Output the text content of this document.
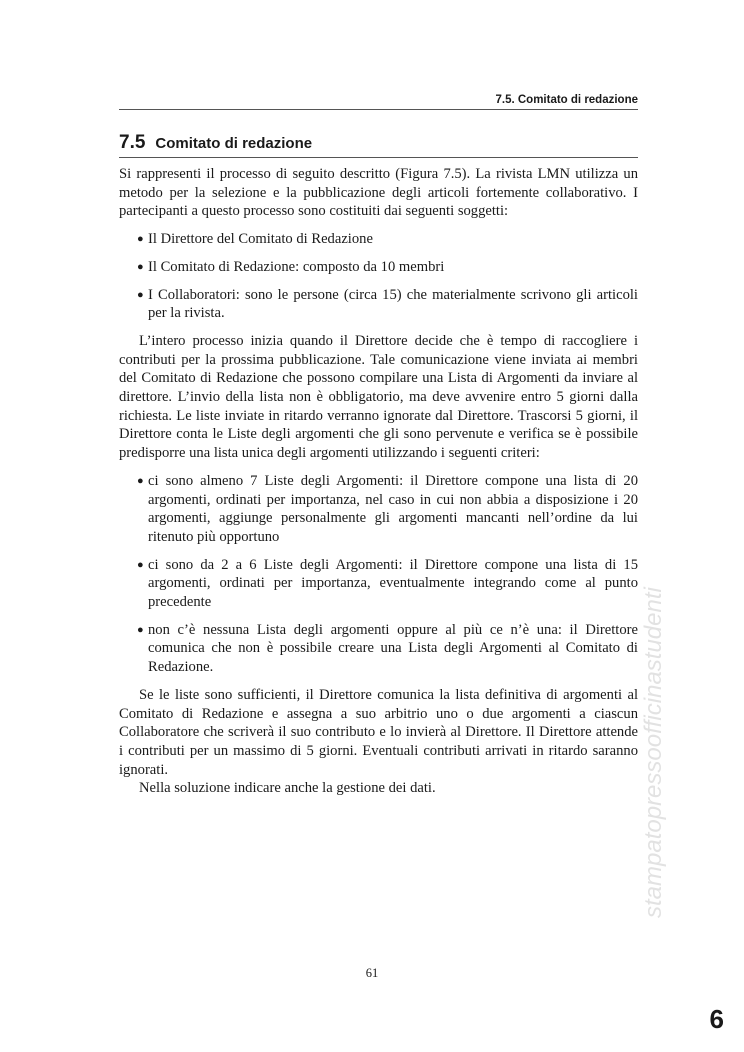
7.5. Comitato di redazione
7.5 Comitato di redazione

Si rappresenti il processo di seguito descritto (Figura 7.5). La rivista LMN utilizza un metodo per la selezione e la pubblicazione degli articoli fortemente collaborativo. I partecipanti a questo processo sono costituiti dai seguenti soggetti:

● Il Direttore del Comitato di Redazione
● Il Comitato di Redazione: composto da 10 membri
● I Collaboratori: sono le persone (circa 15) che materialmente scrivono gli articoli per la rivista.

L’intero processo inizia quando il Direttore decide che è tempo di raccogliere i contributi per la prossima pubblicazione. Tale comunicazione viene inviata ai membri del Comitato di Redazione che possono compilare una Lista di Argomenti da inviare al direttore. L’invio della lista non è obbligatorio, ma deve avvenire entro 5 giorni dalla richiesta. Le liste inviate in ritardo verranno ignorate dal Direttore. Trascorsi 5 giorni, il Direttore conta le Liste degli argomenti che gli sono pervenute e verifica se è possibile predisporre una lista unica degli argomenti utilizzando i seguenti criteri:

● ci sono almeno 7 Liste degli Argomenti: il Direttore compone una lista di 20 argomenti, ordinati per importanza, nel caso in cui non abbia a disposizione i 20 argomenti, aggiunge personalmente gli argomenti mancanti nell’ordine da lui ritenuto più opportuno
● ci sono da 2 a 6 Liste degli Argomenti: il Direttore compone una lista di 15 argomenti, ordinati per importanza, eventualmente integrando come al punto precedente
● non c’è nessuna Lista degli argomenti oppure al più ce n’è una: il Direttore comunica che non è possibile creare una Lista degli Argomenti al Comitato di Redazione.

Se le liste sono sufficienti, il Direttore comunica la lista definitiva di argomenti al Comitato di Redazione e assegna a suo arbitrio uno o due argomenti a ciascun Collaboratore che scriverà il suo contributo e lo invierà al Direttore. Il Direttore attende i contributi per un massimo di 5 giorni. Eventuali contributi arrivati in ritardo saranno ignorati.

Nella soluzione indicare anche la gestione dei dati.	stampatopressoofficinastudenti
61
6
